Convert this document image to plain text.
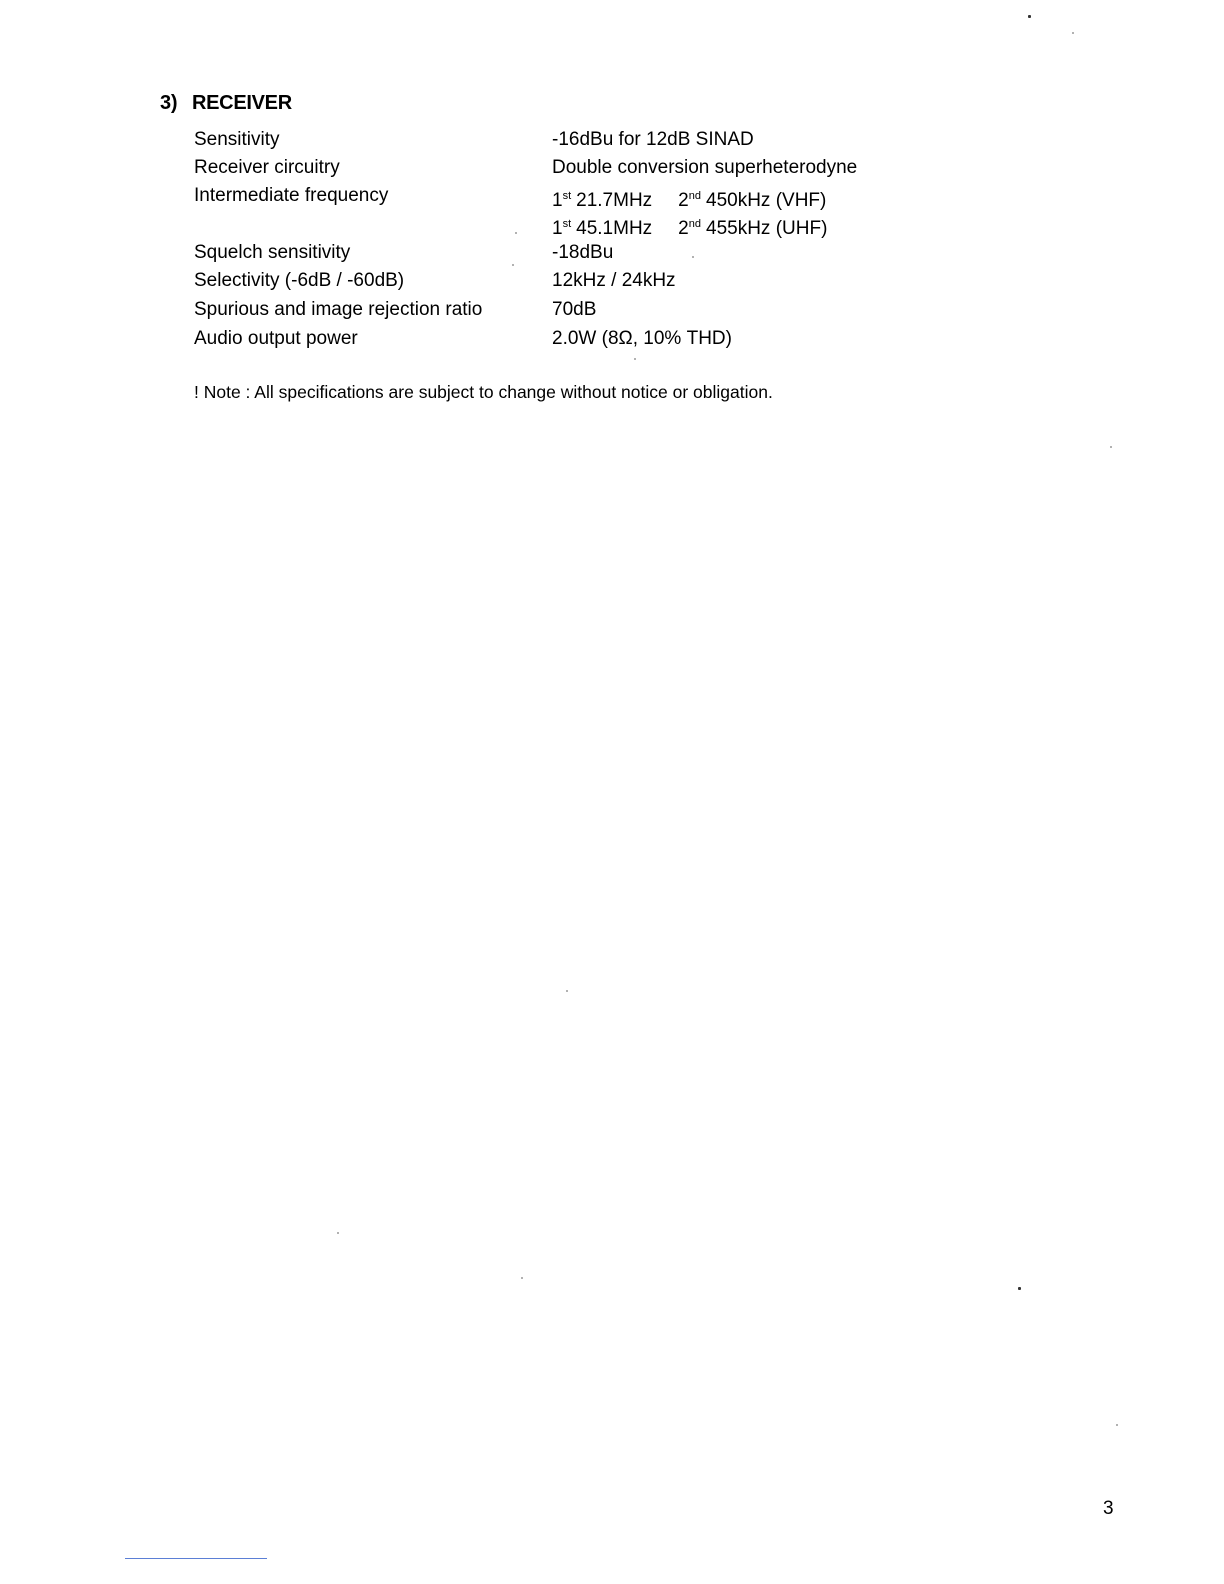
3) RECEIVER
Sensitivity	-16dBu for 12dB SINAD
Receiver circuitry	Double conversion superheterodyne
Intermediate frequency	1st 21.7MHz 2nd 450kHz (VHF)
1st 45.1MHz 2nd 455kHz (UHF)
Squelch sensitivity	-18dBu
Selectivity (-6dB / -60dB)	12kHz / 24kHz
Spurious and image rejection ratio	70dB
Audio output power	2.0W (8Ω, 10% THD)
! Note : All specifications are subject to change without notice or obligation.
3
